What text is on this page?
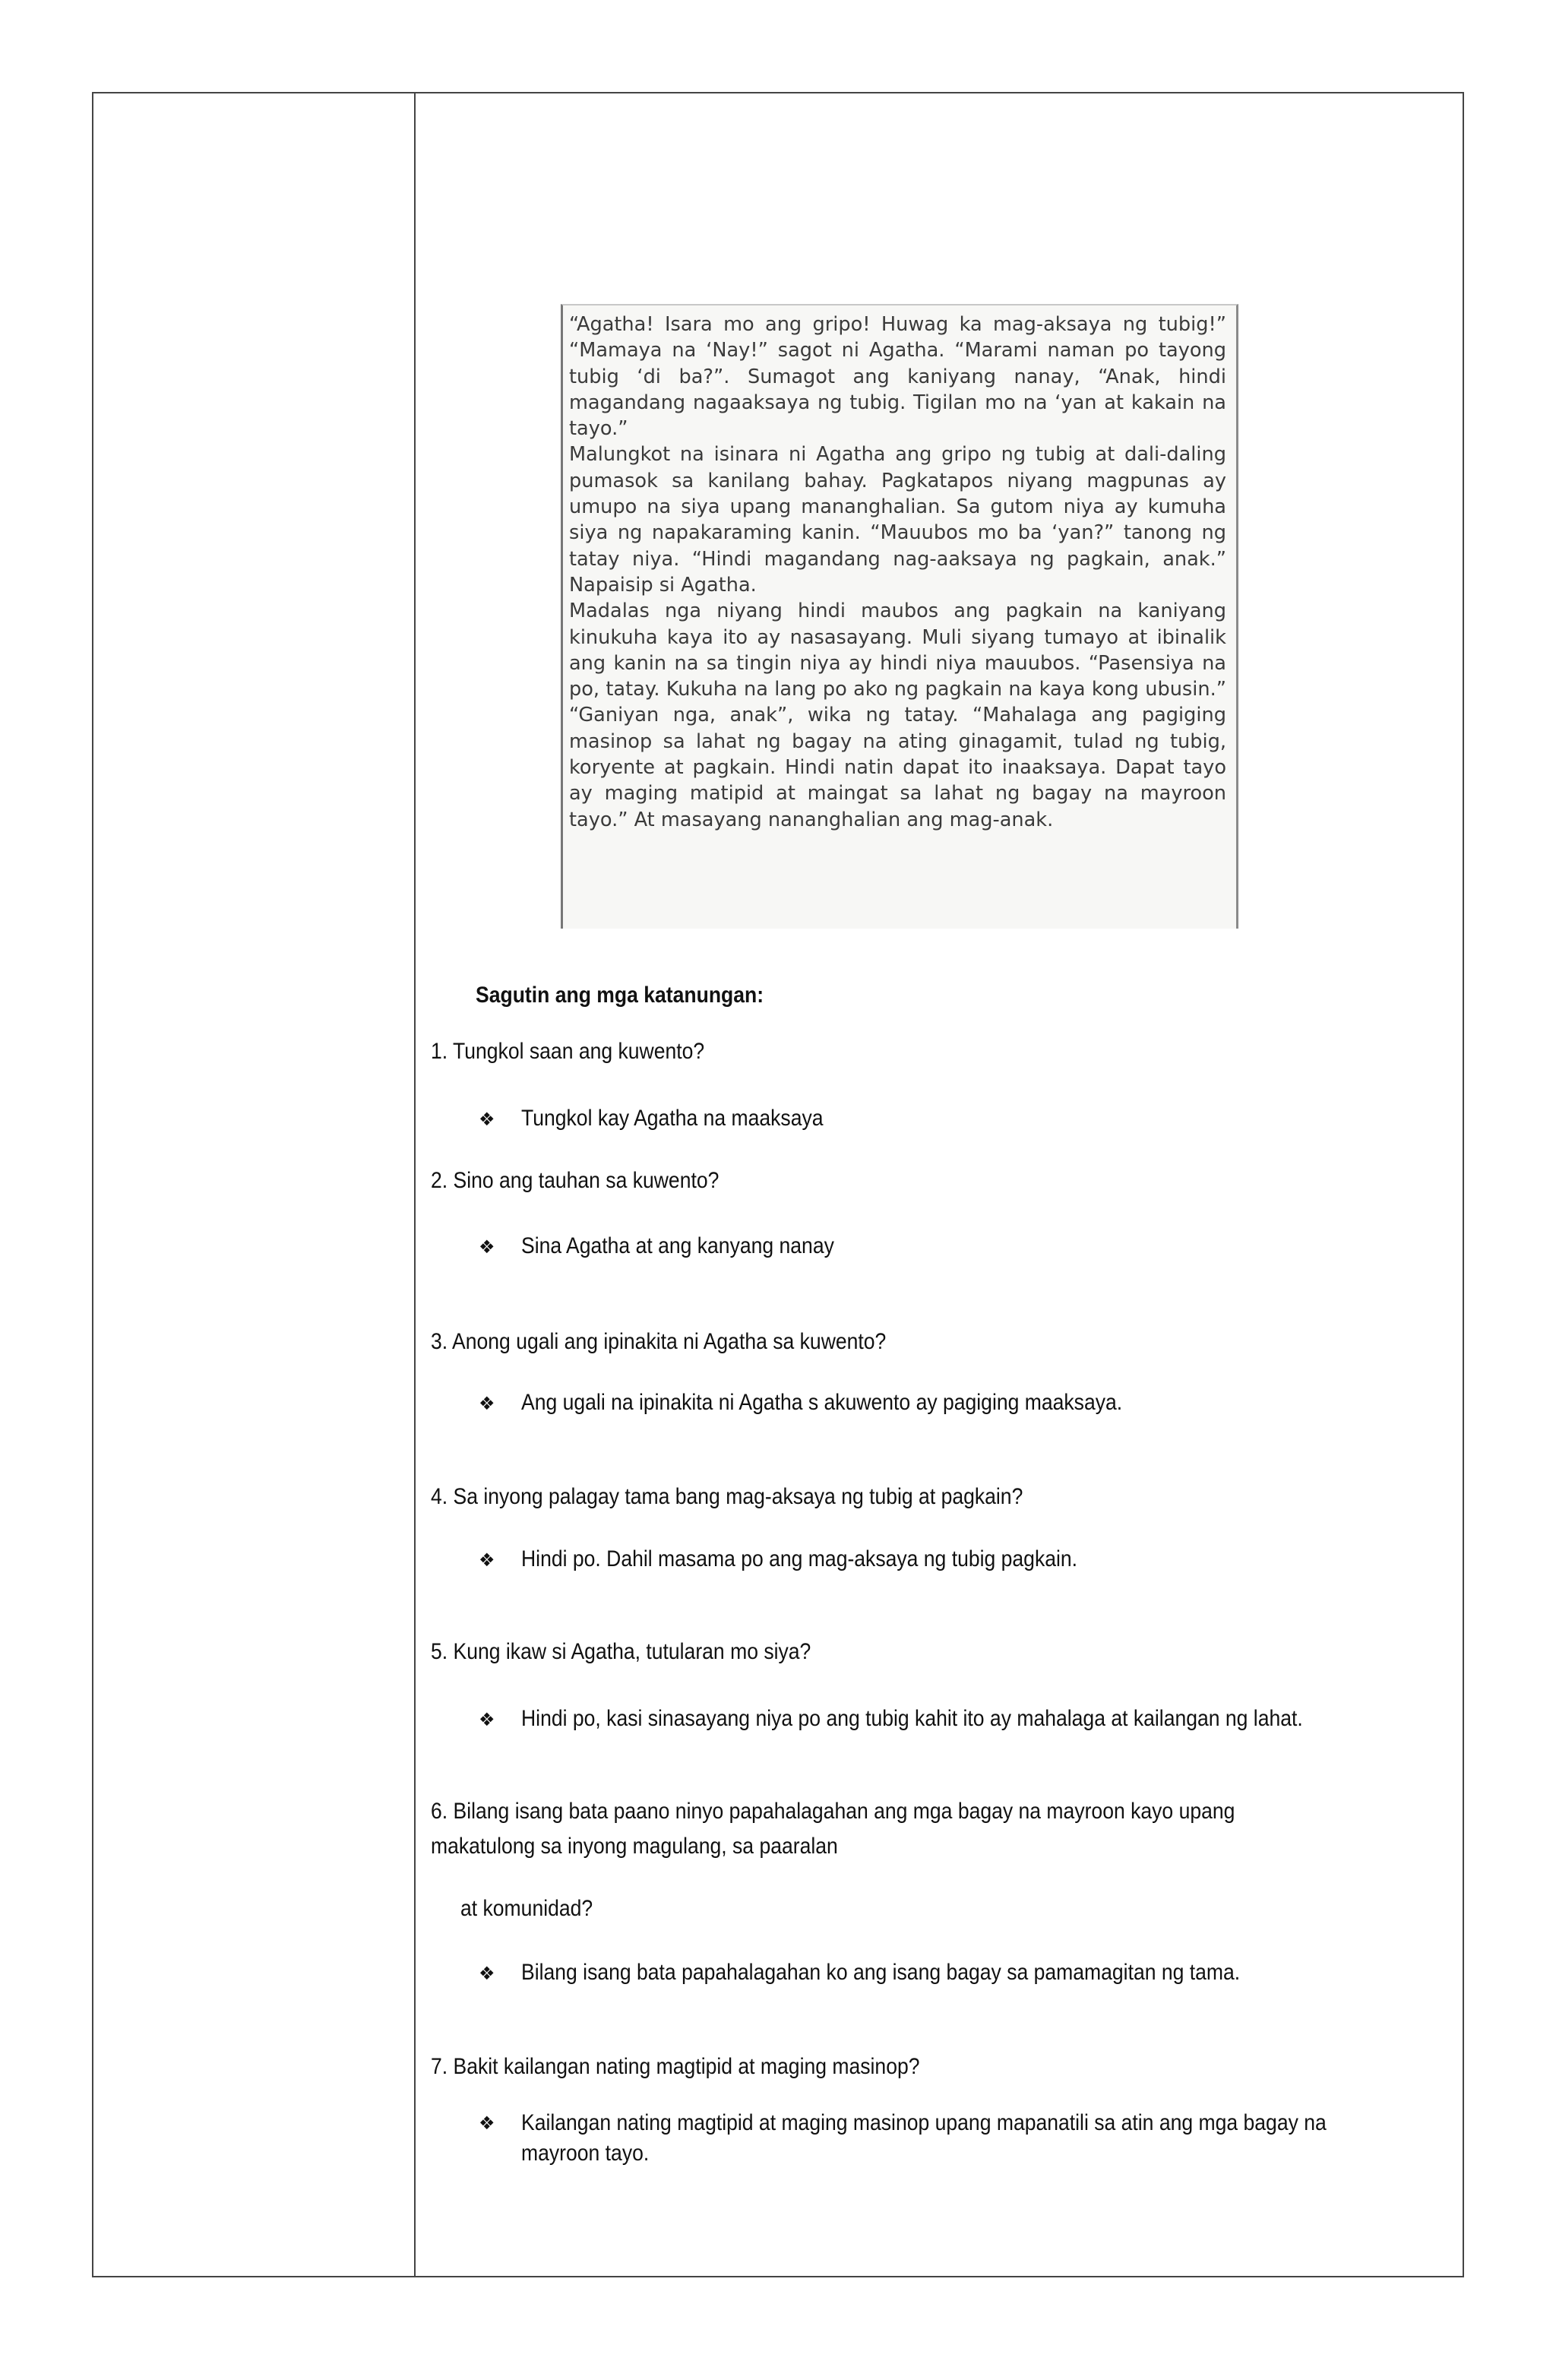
“Agatha! Isara mo ang gripo! Huwag ka mag-aksaya ng tubig!” “Mamaya na ‘Nay!” sagot ni Agatha. “Marami naman po tayong tubig ‘di ba?”. Sumagot ang kaniyang nanay, “Anak, hindi magandang nagaaksaya ng tubig. Tigilan mo na ‘yan at kakain na tayo.”

Malungkot na isinara ni Agatha ang gripo ng tubig at dali-daling pumasok sa kanilang bahay. Pagkatapos niyang magpunas ay umupo na siya upang mananghalian. Sa gutom niya ay kumuha siya ng napakaraming kanin. “Mauubos mo ba ‘yan?” tanong ng tatay niya. “Hindi magandang nag-aaksaya ng pagkain, anak.” Napaisip si Agatha.

Madalas nga niyang hindi maubos ang pagkain na kaniyang kinukuha kaya ito ay nasasayang. Muli siyang tumayo at ibinalik ang kanin na sa tingin niya ay hindi niya mauubos. “Pasensiya na po, tatay. Kukuha na lang po ako ng pagkain na kaya kong ubusin.” “Ganiyan nga, anak”, wika ng tatay. “Mahalaga ang pagiging masinop sa lahat ng bagay na ating ginagamit, tulad ng tubig, koryente at pagkain. Hindi natin dapat ito inaaksaya. Dapat tayo ay maging matipid at maingat sa lahat ng bagay na mayroon tayo.” At masayang nananghalian ang mag-anak.

Sagutin ang mga katanungan:
1. Tungkol saan ang kuwento?
❖ Tungkol kay Agatha na maaksaya
2. Sino ang tauhan sa kuwento?
❖ Sina Agatha at ang kanyang nanay
3. Anong ugali ang ipinakita ni Agatha sa kuwento?
❖ Ang ugali na ipinakita ni Agatha s akuwento ay pagiging maaksaya.
4. Sa inyong palagay tama bang mag-aksaya ng tubig at pagkain?
❖ Hindi po. Dahil masama po ang mag-aksaya ng tubig pagkain.
5. Kung ikaw si Agatha, tutularan mo siya?
❖ Hindi po, kasi sinasayang niya po ang tubig kahit ito ay mahalaga at kailangan ng lahat.
6. Bilang isang bata paano ninyo papahalagahan ang mga bagay na mayroon kayo upang
makatulong sa inyong magulang, sa paaralan
at komunidad?
❖ Bilang isang bata papahalagahan ko ang isang bagay sa pamamagitan ng tama.
7. Bakit kailangan nating magtipid at maging masinop?
❖ Kailangan nating magtipid at maging masinop upang mapanatili sa atin ang mga bagay na mayroon tayo.
